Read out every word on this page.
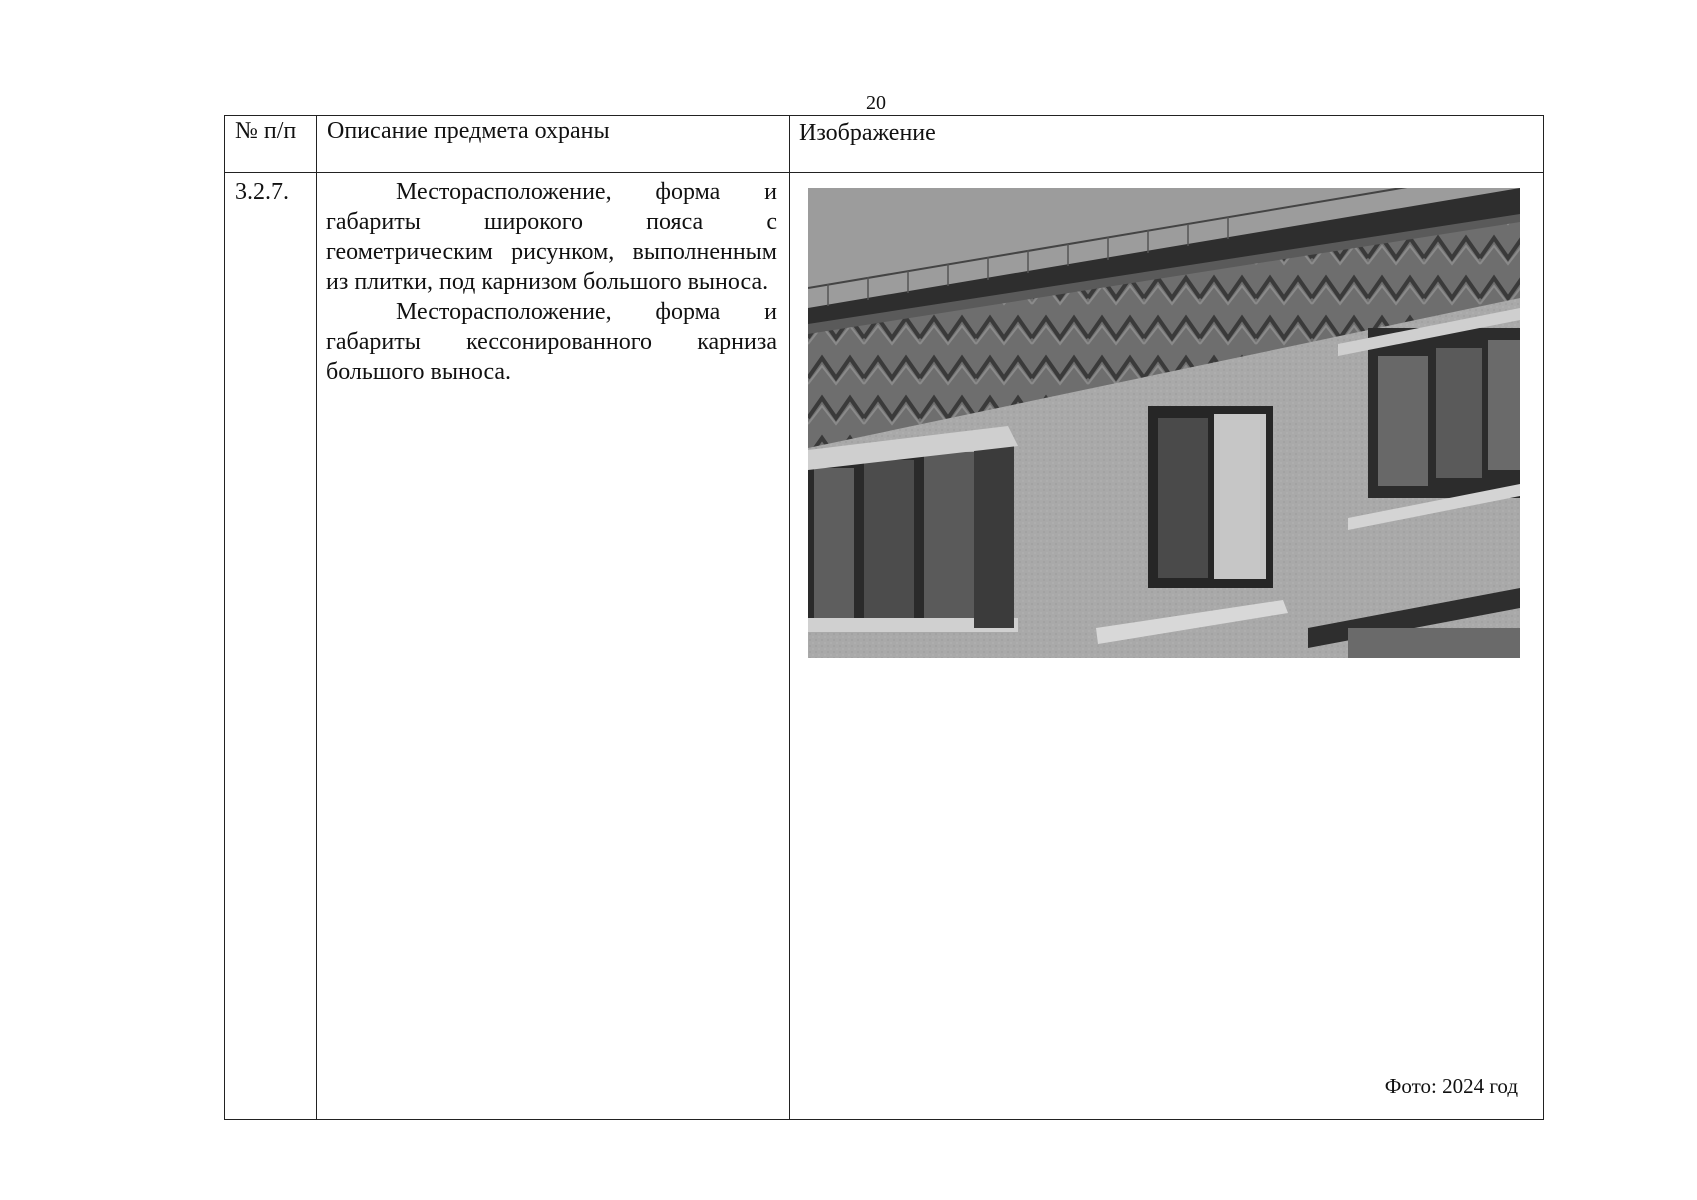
20
№ п/п	Описание предмета охраны	Изображение
3.2.7.	Месторасположение, форма и габариты широкого пояса с геометрическим рисунком, выполненным из плитки, под карнизом большого выноса.

Месторасположение, форма и габариты кессонированного карниза большого выноса.

Фото: 2024 год
